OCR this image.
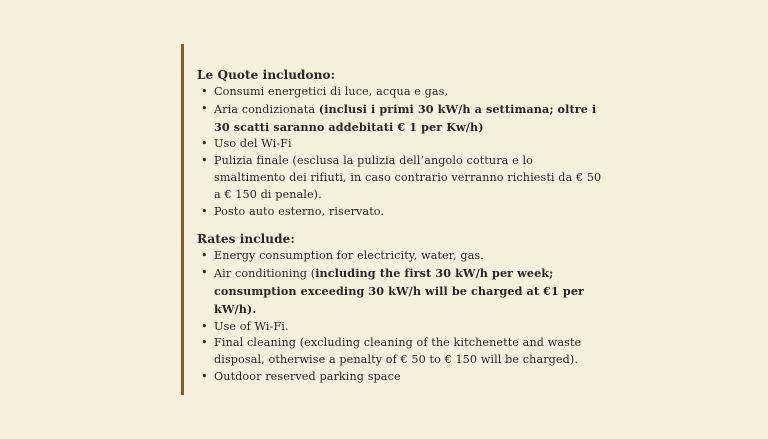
Le Quote includono:

• Consumi energetici di luce, acqua e gas,
• Aria condizionata (inclusi i primi 30 kW/h a settimana; oltre i 30 scatti saranno addebitati € 1 per Kw/h)
• Uso del Wi-Fi
• Pulizia finale (esclusa la pulizia dell’angolo cottura e lo smaltimento dei rifiuti, in caso contrario verranno richiesti da € 50 a € 150 di penale).
• Posto auto esterno, riservato.

Rates include:

• Energy consumption for electricity, water, gas.
• Air conditioning (including the first 30 kW/h per week; consumption exceeding 30 kW/h will be charged at €1 per kW/h).
• Use of Wi-Fi.
• Final cleaning (excluding cleaning of the kitchenette and waste disposal, otherwise a penalty of € 50 to € 150 will be charged).
• Outdoor reserved parking space
